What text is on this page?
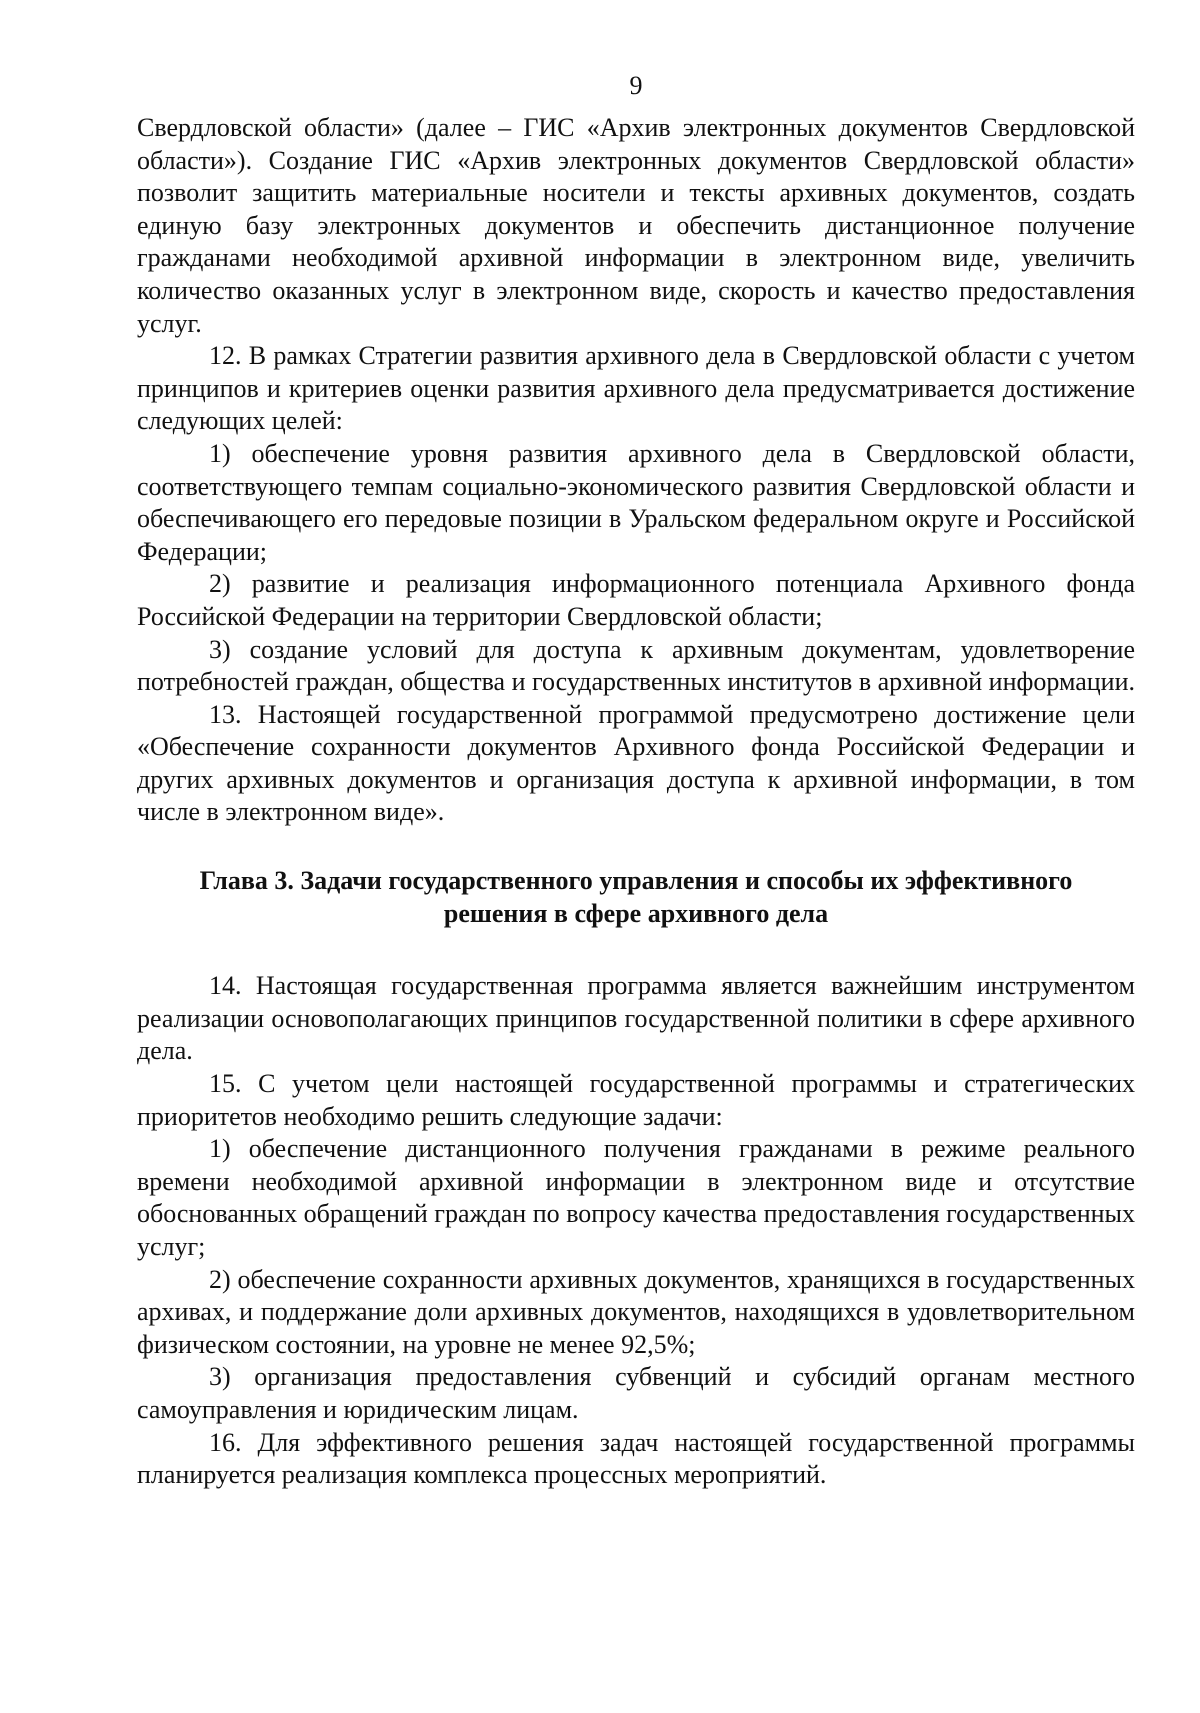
9

Свердловской области» (далее – ГИС «Архив электронных документов Свердловской области»). Создание ГИС «Архив электронных документов Свердловской области» позволит защитить материальные носители и тексты архивных документов, создать единую базу электронных документов и обеспечить дистанционное получение гражданами необходимой архивной информации в электронном виде, увеличить количество оказанных услуг в электронном виде, скорость и качество предоставления услуг.

12. В рамках Стратегии развития архивного дела в Свердловской области с учетом принципов и критериев оценки развития архивного дела предусматривается достижение следующих целей:

1) обеспечение уровня развития архивного дела в Свердловской области, соответствующего темпам социально-экономического развития Свердловской области и обеспечивающего его передовые позиции в Уральском федеральном округе и Российской Федерации;

2) развитие и реализация информационного потенциала Архивного фонда Российской Федерации на территории Свердловской области;

3) создание условий для доступа к архивным документам, удовлетворение потребностей граждан, общества и государственных институтов в архивной информации.

13. Настоящей государственной программой предусмотрено достижение цели «Обеспечение сохранности документов Архивного фонда Российской Федерации и других архивных документов и организация доступа к архивной информации, в том числе в электронном виде».

Глава 3. Задачи государственного управления и способы их эффективного
решения в сфере архивного дела

14. Настоящая государственная программа является важнейшим инструментом реализации основополагающих принципов государственной политики в сфере архивного дела.

15. С учетом цели настоящей государственной программы и стратегических приоритетов необходимо решить следующие задачи:

1) обеспечение дистанционного получения гражданами в режиме реального времени необходимой архивной информации в электронном виде и отсутствие обоснованных обращений граждан по вопросу качества предоставления государственных услуг;

2) обеспечение сохранности архивных документов, хранящихся в государственных архивах, и поддержание доли архивных документов, находящихся в удовлетворительном физическом состоянии, на уровне не менее 92,5%;

3) организация предоставления субвенций и субсидий органам местного самоуправления и юридическим лицам.

16. Для эффективного решения задач настоящей государственной программы планируется реализация комплекса процессных мероприятий.
